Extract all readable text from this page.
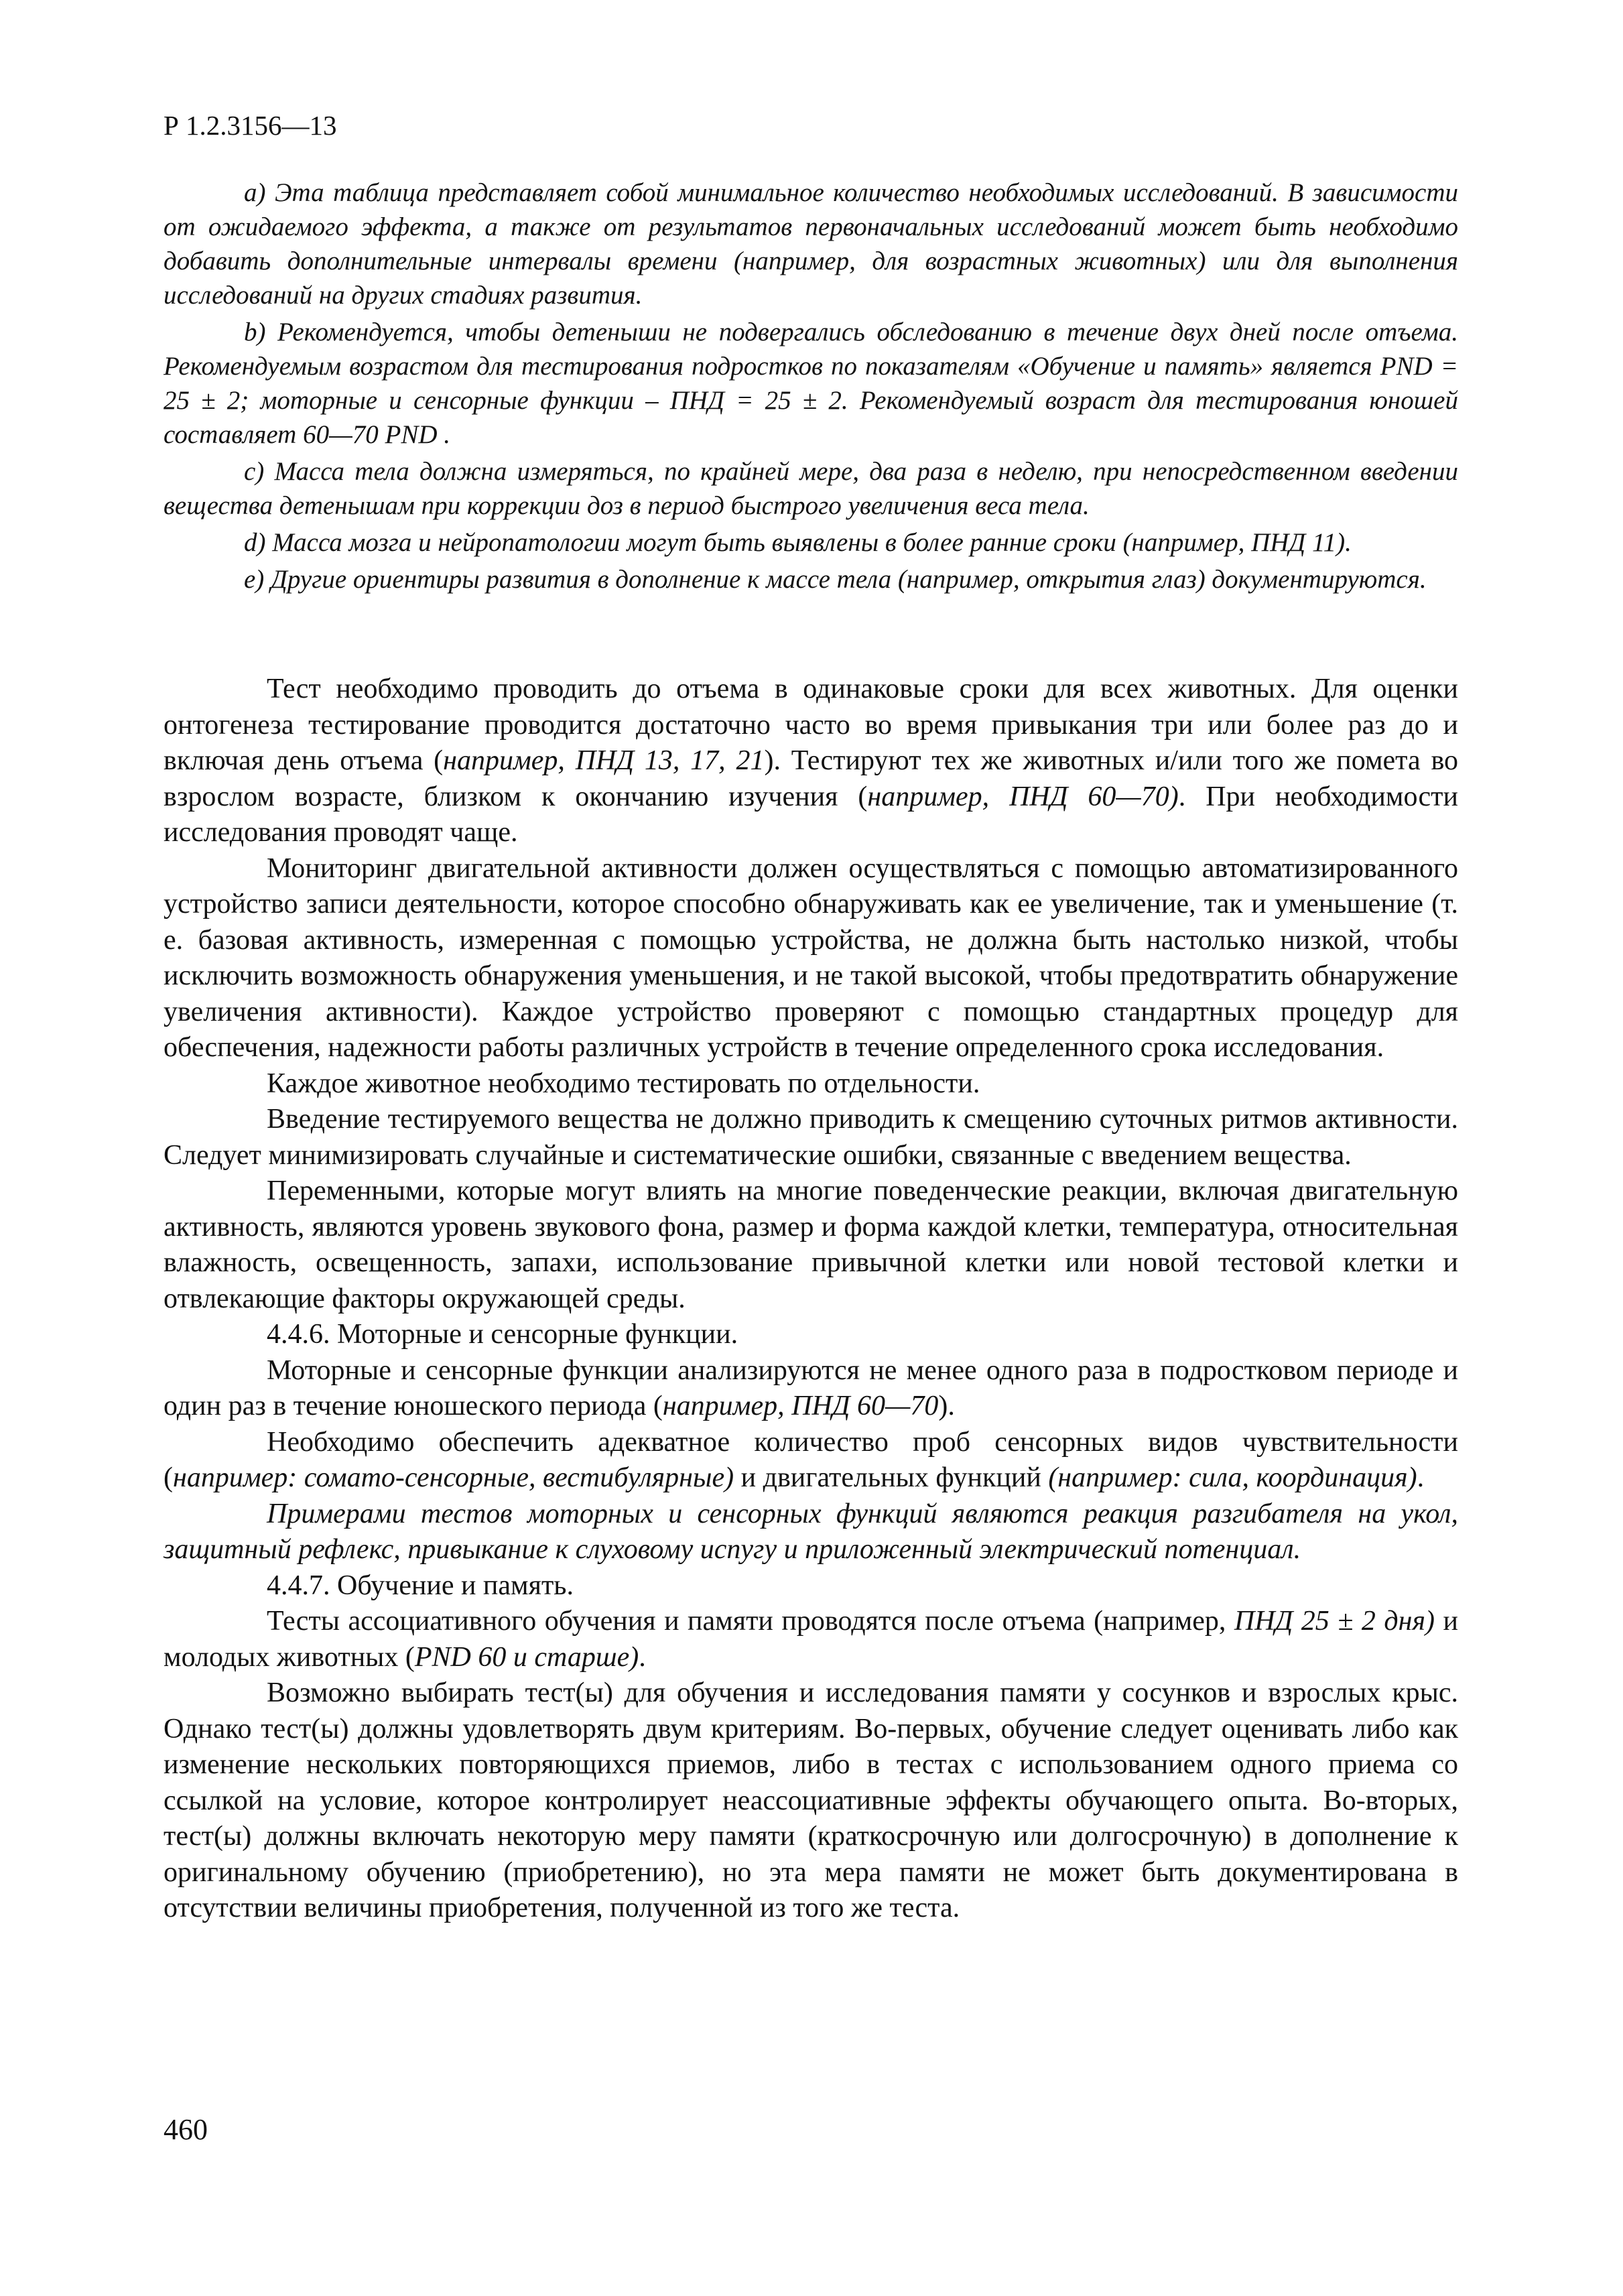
Р 1.2.3156—13

a) Эта таблица представляет собой минимальное количество необходимых исследований. В зависимости от ожидаемого эффекта, а также от результатов первоначальных исследований может быть необходимо добавить дополнительные интервалы времени (например, для возрастных животных) или для выполнения исследований на других стадиях развития.

b) Рекомендуется, чтобы детеныши не подвергались обследованию в течение двух дней после отъема. Рекомендуемым возрастом для тестирования подростков по показателям «Обучение и память» является PND = 25 ± 2; моторные и сенсорные функции – ПНД = 25 ± 2. Рекомендуемый возраст для тестирования юношей составляет 60—70 PND .

c) Масса тела должна измеряться, по крайней мере, два раза в неделю, при непосредственном введении вещества детенышам при коррекции доз в период быстрого увеличения веса тела.

d) Масса мозга и нейропатологии могут быть выявлены в более ранние сроки (например, ПНД 11).

e) Другие ориентиры развития в дополнение к массе тела (например, открытия глаз) документируются.

Тест необходимо проводить до отъема в одинаковые сроки для всех животных. Для оценки онтогенеза тестирование проводится достаточно часто во время привыкания три или более раз до и включая день отъема (например, ПНД 13, 17, 21). Тестируют тех же животных и/или того же помета во взрослом возрасте, близком к окончанию изучения (например, ПНД 60—70). При необходимости исследования проводят чаще.

Мониторинг двигательной активности должен осуществляться с помощью автоматизированного устройство записи деятельности, которое способно обнаруживать как ее увеличение, так и уменьшение (т. е. базовая активность, измеренная с помощью устройства, не должна быть настолько низкой, чтобы исключить возможность обнаружения уменьшения, и не такой высокой, чтобы предотвратить обнаружение увеличения активности). Каждое устройство проверяют с помощью стандартных процедур для обеспечения, надежности работы различных устройств в течение определенного срока исследования.

Каждое животное необходимо тестировать по отдельности.

Введение тестируемого вещества не должно приводить к смещению суточных ритмов активности. Следует минимизировать случайные и систематические ошибки, связанные с введением вещества.

Переменными, которые могут влиять на многие поведенческие реакции, включая двигательную активность, являются уровень звукового фона, размер и форма каждой клетки, температура, относительная влажность, освещенность, запахи, использование привычной клетки или новой тестовой клетки и отвлекающие факторы окружающей среды.

4.4.6. Моторные и сенсорные функции.

Моторные и сенсорные функции анализируются не менее одного раза в подростковом периоде и один раз в течение юношеского периода (например, ПНД 60—70).

Необходимо обеспечить адекватное количество проб сенсорных видов чувствительности (например: сомато-сенсорные, вестибулярные) и двигательных функций (например: сила, координация).

Примерами тестов моторных и сенсорных функций являются реакция разгибателя на укол, защитный рефлекс, привыкание к слуховому испугу и приложенный электрический потенциал.

4.4.7. Обучение и память.

Тесты ассоциативного обучения и памяти проводятся после отъема (например, ПНД 25 ± 2 дня) и молодых животных (PND 60 и старше).

Возможно выбирать тест(ы) для обучения и исследования памяти у сосунков и взрослых крыс. Однако тест(ы) должны удовлетворять двум критериям. Во-первых, обучение следует оценивать либо как изменение нескольких повторяющихся приемов, либо в тестах с использованием одного приема со ссылкой на условие, которое контролирует неассоциативные эффекты обучающего опыта. Во-вторых, тест(ы) должны включать некоторую меру памяти (краткосрочную или долгосрочную) в дополнение к оригинальному обучению (приобретению), но эта мера памяти не может быть документирована в отсутствии величины приобретения, полученной из того же теста.

460
